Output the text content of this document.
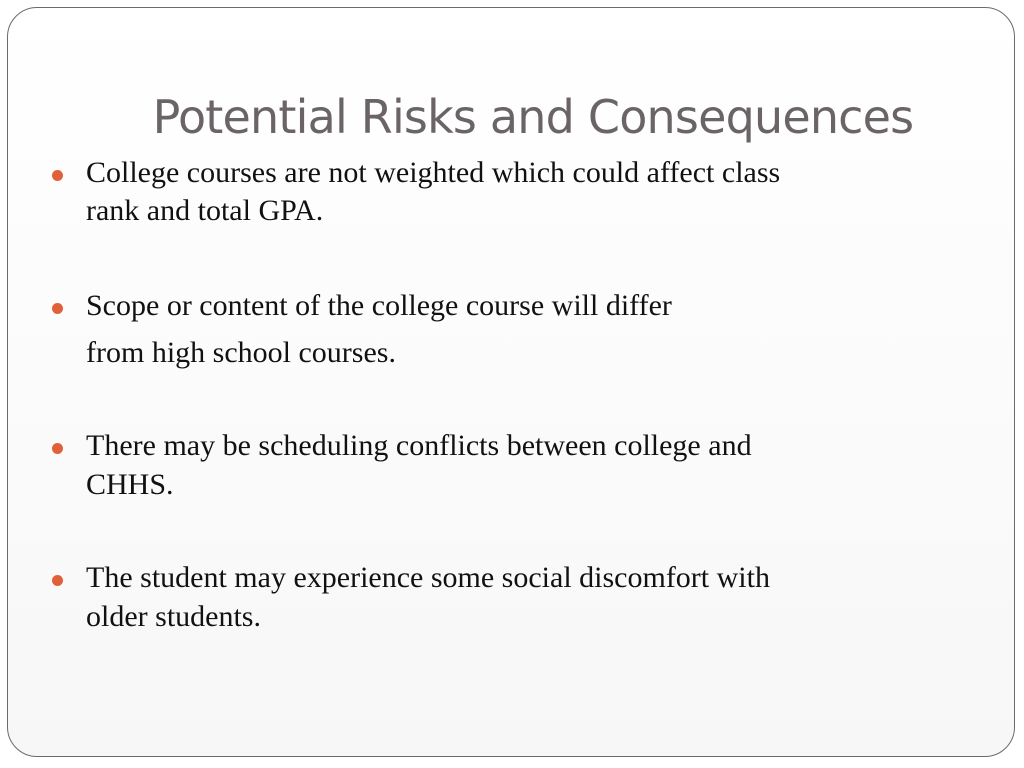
Potential Risks and Consequences
College courses are not weighted which could affect class
rank and total GPA.
Scope or content of the college course will differ
from high school courses.
There may be scheduling conflicts between college and
CHHS.
The student may experience some social discomfort with
older students.
